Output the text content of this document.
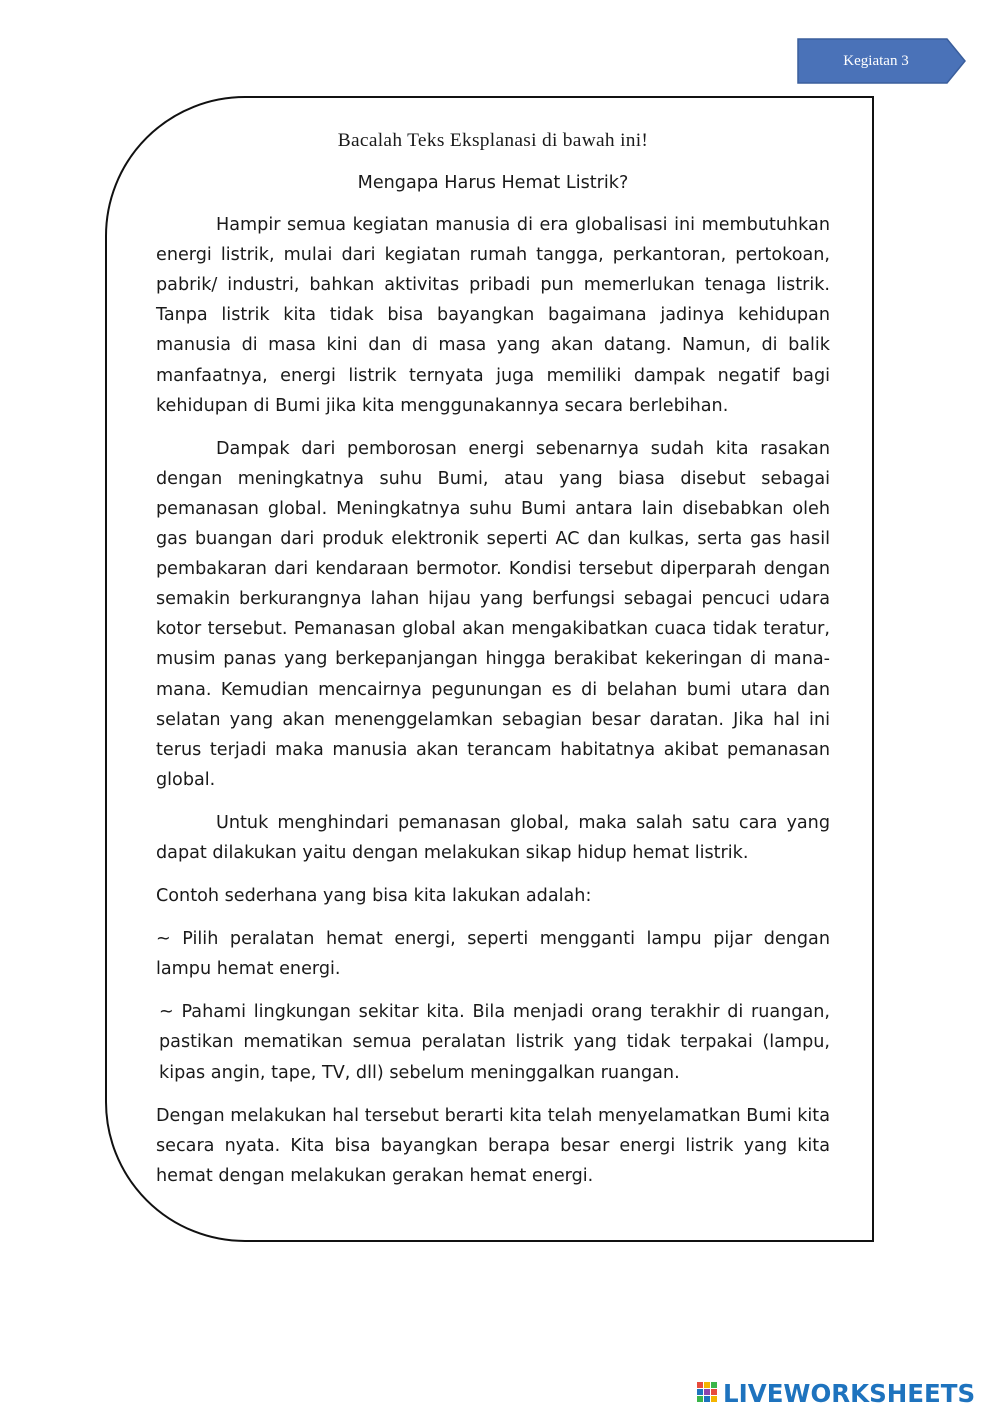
Kegiatan 3

Bacalah Teks Eksplanasi di bawah ini!

Mengapa Harus Hemat Listrik?

Hampir semua kegiatan manusia di era globalisasi ini membutuhkan energi listrik, mulai dari kegiatan rumah tangga, perkantoran, pertokoan, pabrik/ industri, bahkan aktivitas pribadi pun memerlukan tenaga listrik. Tanpa listrik kita tidak bisa bayangkan bagaimana jadinya kehidupan manusia di masa kini dan di masa yang akan datang. Namun, di balik manfaatnya, energi listrik ternyata juga memiliki dampak negatif bagi kehidupan di Bumi jika kita menggunakannya secara berlebihan.

Dampak dari pemborosan energi sebenarnya sudah kita rasakan dengan meningkatnya suhu Bumi, atau yang biasa disebut sebagai pemanasan global. Meningkatnya suhu Bumi antara lain disebabkan oleh gas buangan dari produk elektronik seperti AC dan kulkas, serta gas hasil pembakaran dari kendaraan bermotor. Kondisi tersebut diperparah dengan semakin berkurangnya lahan hijau yang berfungsi sebagai pencuci udara kotor tersebut. Pemanasan global akan mengakibatkan cuaca tidak teratur, musim panas yang berkepanjangan hingga berakibat kekeringan di mana-mana. Kemudian mencairnya pegunungan es di belahan bumi utara dan selatan yang akan menenggelamkan sebagian besar daratan. Jika hal ini terus terjadi maka manusia akan terancam habitatnya akibat pemanasan global.

Untuk menghindari pemanasan global, maka salah satu cara yang dapat dilakukan yaitu dengan melakukan sikap hidup hemat listrik.

Contoh sederhana yang bisa kita lakukan adalah:

~ Pilih peralatan hemat energi, seperti mengganti lampu pijar dengan lampu hemat energi.

~ Pahami lingkungan sekitar kita. Bila menjadi orang terakhir di ruangan, pastikan mematikan semua peralatan listrik yang tidak terpakai (lampu, kipas angin, tape, TV, dll) sebelum meninggalkan ruangan.

Dengan melakukan hal tersebut berarti kita telah menyelamatkan Bumi kita secara nyata. Kita bisa bayangkan berapa besar energi listrik yang kita hemat dengan melakukan gerakan hemat energi.

LIVEWORKSHEETS
